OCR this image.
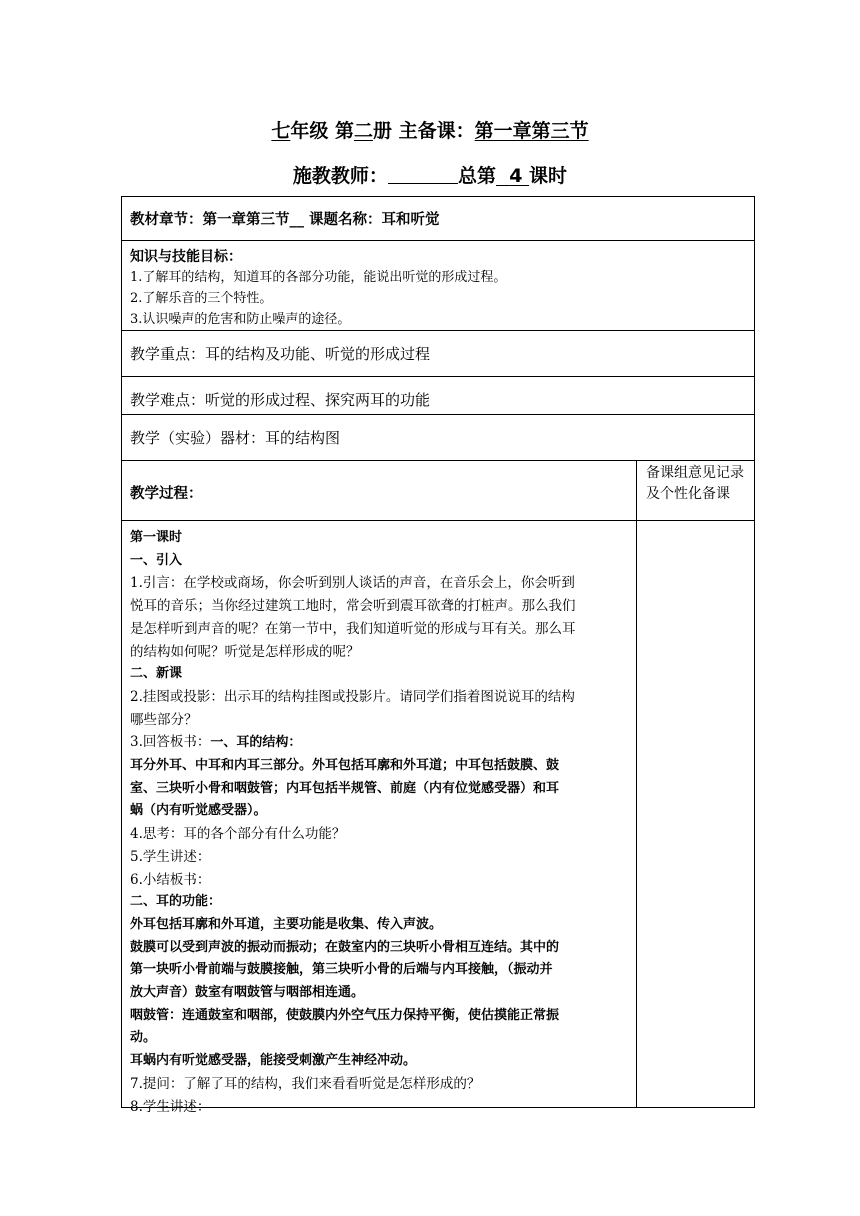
七年级 第二册 主备课：第一章第三节
施教教师：	总第 4 课时
教材章节：第一章第三节__ 课题名称：耳和听觉
知识与技能目标：
1.了解耳的结构，知道耳的各部分功能，能说出听觉的形成过程。
2.了解乐音的三个特性。
3.认识噪声的危害和防止噪声的途径。
教学重点：耳的结构及功能、听觉的形成过程
教学难点：听觉的形成过程、探究两耳的功能
教学（实验）器材：耳的结构图
教学过程：
备课组意见记录及个性化备课

第一课时

一、引入

1.引言：在学校或商场，你会听到别人谈话的声音，在音乐会上，你会听到

悦耳的音乐；当你经过建筑工地时，常会听到震耳欲聋的打桩声。那么我们

是怎样听到声音的呢？在第一节中，我们知道听觉的形成与耳有关。那么耳

的结构如何呢？听觉是怎样形成的呢？

二、新课

2.挂图或投影：出示耳的结构挂图或投影片。请同学们指着图说说耳的结构

哪些部分？

3.回答板书：一、耳的结构：

耳分外耳、中耳和内耳三部分。外耳包括耳廓和外耳道；中耳包括鼓膜、鼓

室、三块听小骨和咽鼓管；内耳包括半规管、前庭（内有位觉感受器）和耳

蜗（内有听觉感受器）。

4.思考：耳的各个部分有什么功能？

5.学生讲述：

6.小结板书：

二、耳的功能：

外耳包括耳廓和外耳道，主要功能是收集、传入声波。

鼓膜可以受到声波的振动而振动；在鼓室内的三块听小骨相互连结。其中的

第一块听小骨前端与鼓膜接触，第三块听小骨的后端与内耳接触，（振动并

放大声音）鼓室有咽鼓管与咽部相连通。

咽鼓管：连通鼓室和咽部，使鼓膜内外空气压力保持平衡，使估摸能正常振

动。

耳蜗内有听觉感受器，能接受刺激产生神经冲动。

7.提问：了解了耳的结构，我们来看看听觉是怎样形成的？

8.学生讲述：
